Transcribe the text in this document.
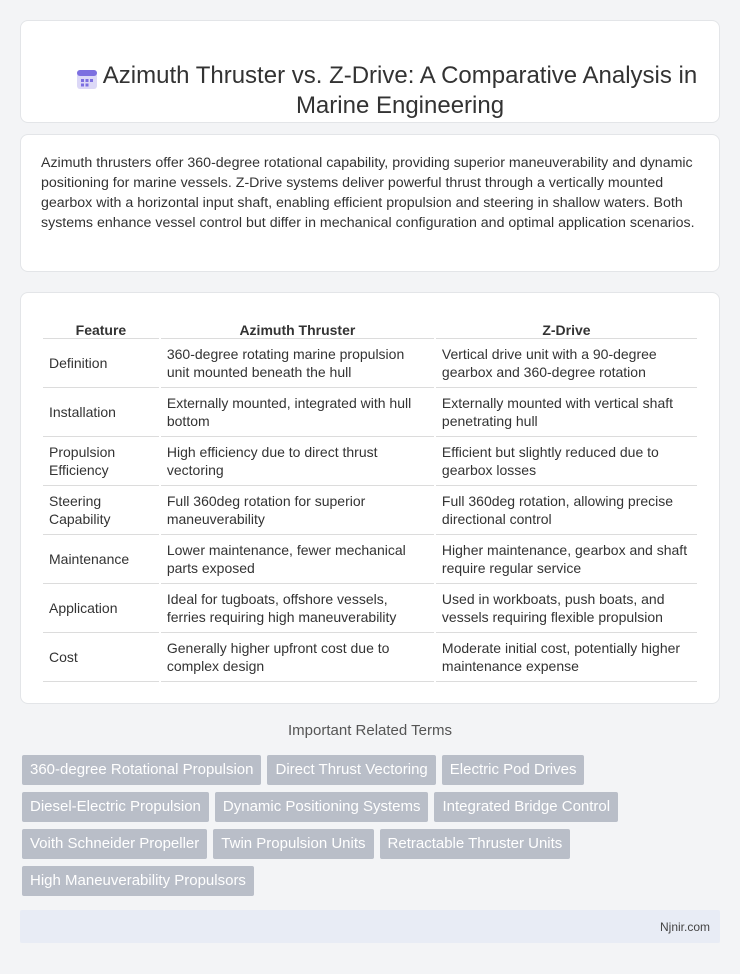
Azimuth Thruster vs. Z-Drive: A Comparative Analysis in Marine Engineering

Azimuth thrusters offer 360-degree rotational capability, providing superior maneuverability and dynamic positioning for marine vessels. Z-Drive systems deliver powerful thrust through a vertically mounted gearbox with a horizontal input shaft, enabling efficient propulsion and steering in shallow waters. Both systems enhance vessel control but differ in mechanical configuration and optimal application scenarios.

Feature	Azimuth Thruster	Z-Drive
Definition	360-degree rotating marine propulsion unit mounted beneath the hull	Vertical drive unit with a 90-degree gearbox and 360-degree rotation
Installation	Externally mounted, integrated with hull bottom	Externally mounted with vertical shaft penetrating hull
Propulsion Efficiency	High efficiency due to direct thrust vectoring	Efficient but slightly reduced due to gearbox losses
Steering Capability	Full 360deg rotation for superior maneuverability	Full 360deg rotation, allowing precise directional control
Maintenance	Lower maintenance, fewer mechanical parts exposed	Higher maintenance, gearbox and shaft require regular service
Application	Ideal for tugboats, offshore vessels, ferries requiring high maneuverability	Used in workboats, push boats, and vessels requiring flexible propulsion
Cost	Generally higher upfront cost due to complex design	Moderate initial cost, potentially higher maintenance expense
Important Related Terms
360-degree Rotational Propulsion	Direct Thrust Vectoring	Electric Pod Drives
Diesel-Electric Propulsion	Dynamic Positioning Systems	Integrated Bridge Control
Voith Schneider Propeller	Twin Propulsion Units	Retractable Thruster Units
High Maneuverability Propulsors
Njnir.com
